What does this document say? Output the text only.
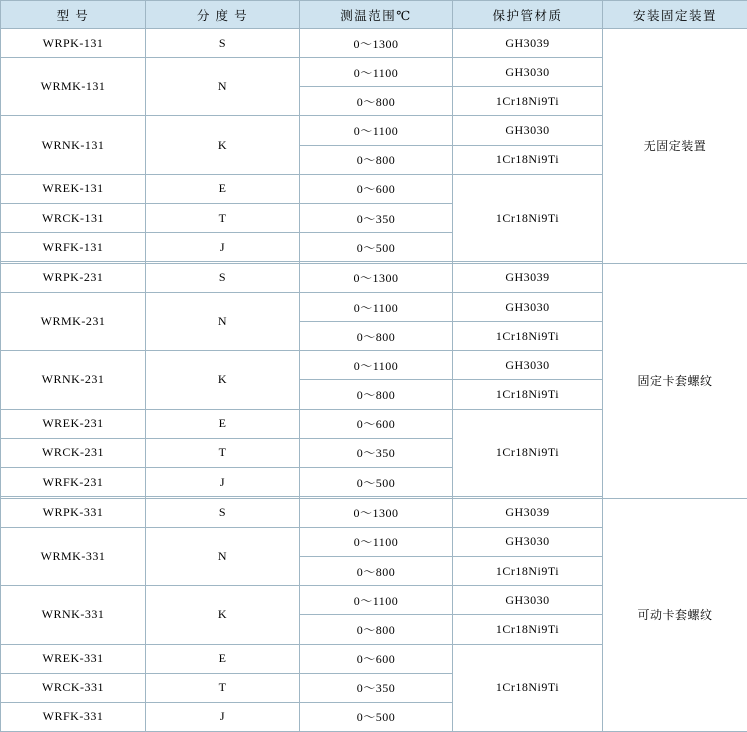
型 号	分 度 号	测温范围℃	保护管材质	安装固定装置
WRPK-131	S	0～1300	GH3039	无固定装置
WRMK-131	N	0～1100	GH3030	
		0～800	1Cr18Ni9Ti	
WRNK-131	K	0～1100	GH3030	
		0～800	1Cr18Ni9Ti	
WREK-131	E	0～600	1Cr18Ni9Ti	
WRCK-131	T	0～350		
WRFK-131	J	0～500		

WRPK-231	S	0～1300	GH3039	固定卡套螺纹
WRMK-231	N	0～1100	GH3030	
		0～800	1Cr18Ni9Ti	
WRNK-231	K	0～1100	GH3030	
		0～800	1Cr18Ni9Ti	
WREK-231	E	0～600	1Cr18Ni9Ti	
WRCK-231	T	0～350		
WRFK-231	J	0～500		

WRPK-331	S	0～1300	GH3039	可动卡套螺纹
WRMK-331	N	0～1100	GH3030	
		0～800	1Cr18Ni9Ti	
WRNK-331	K	0～1100	GH3030	
		0～800	1Cr18Ni9Ti	
WREK-331	E	0～600	1Cr18Ni9Ti	
WRCK-331	T	0～350		
WRFK-331	J	0～500		
